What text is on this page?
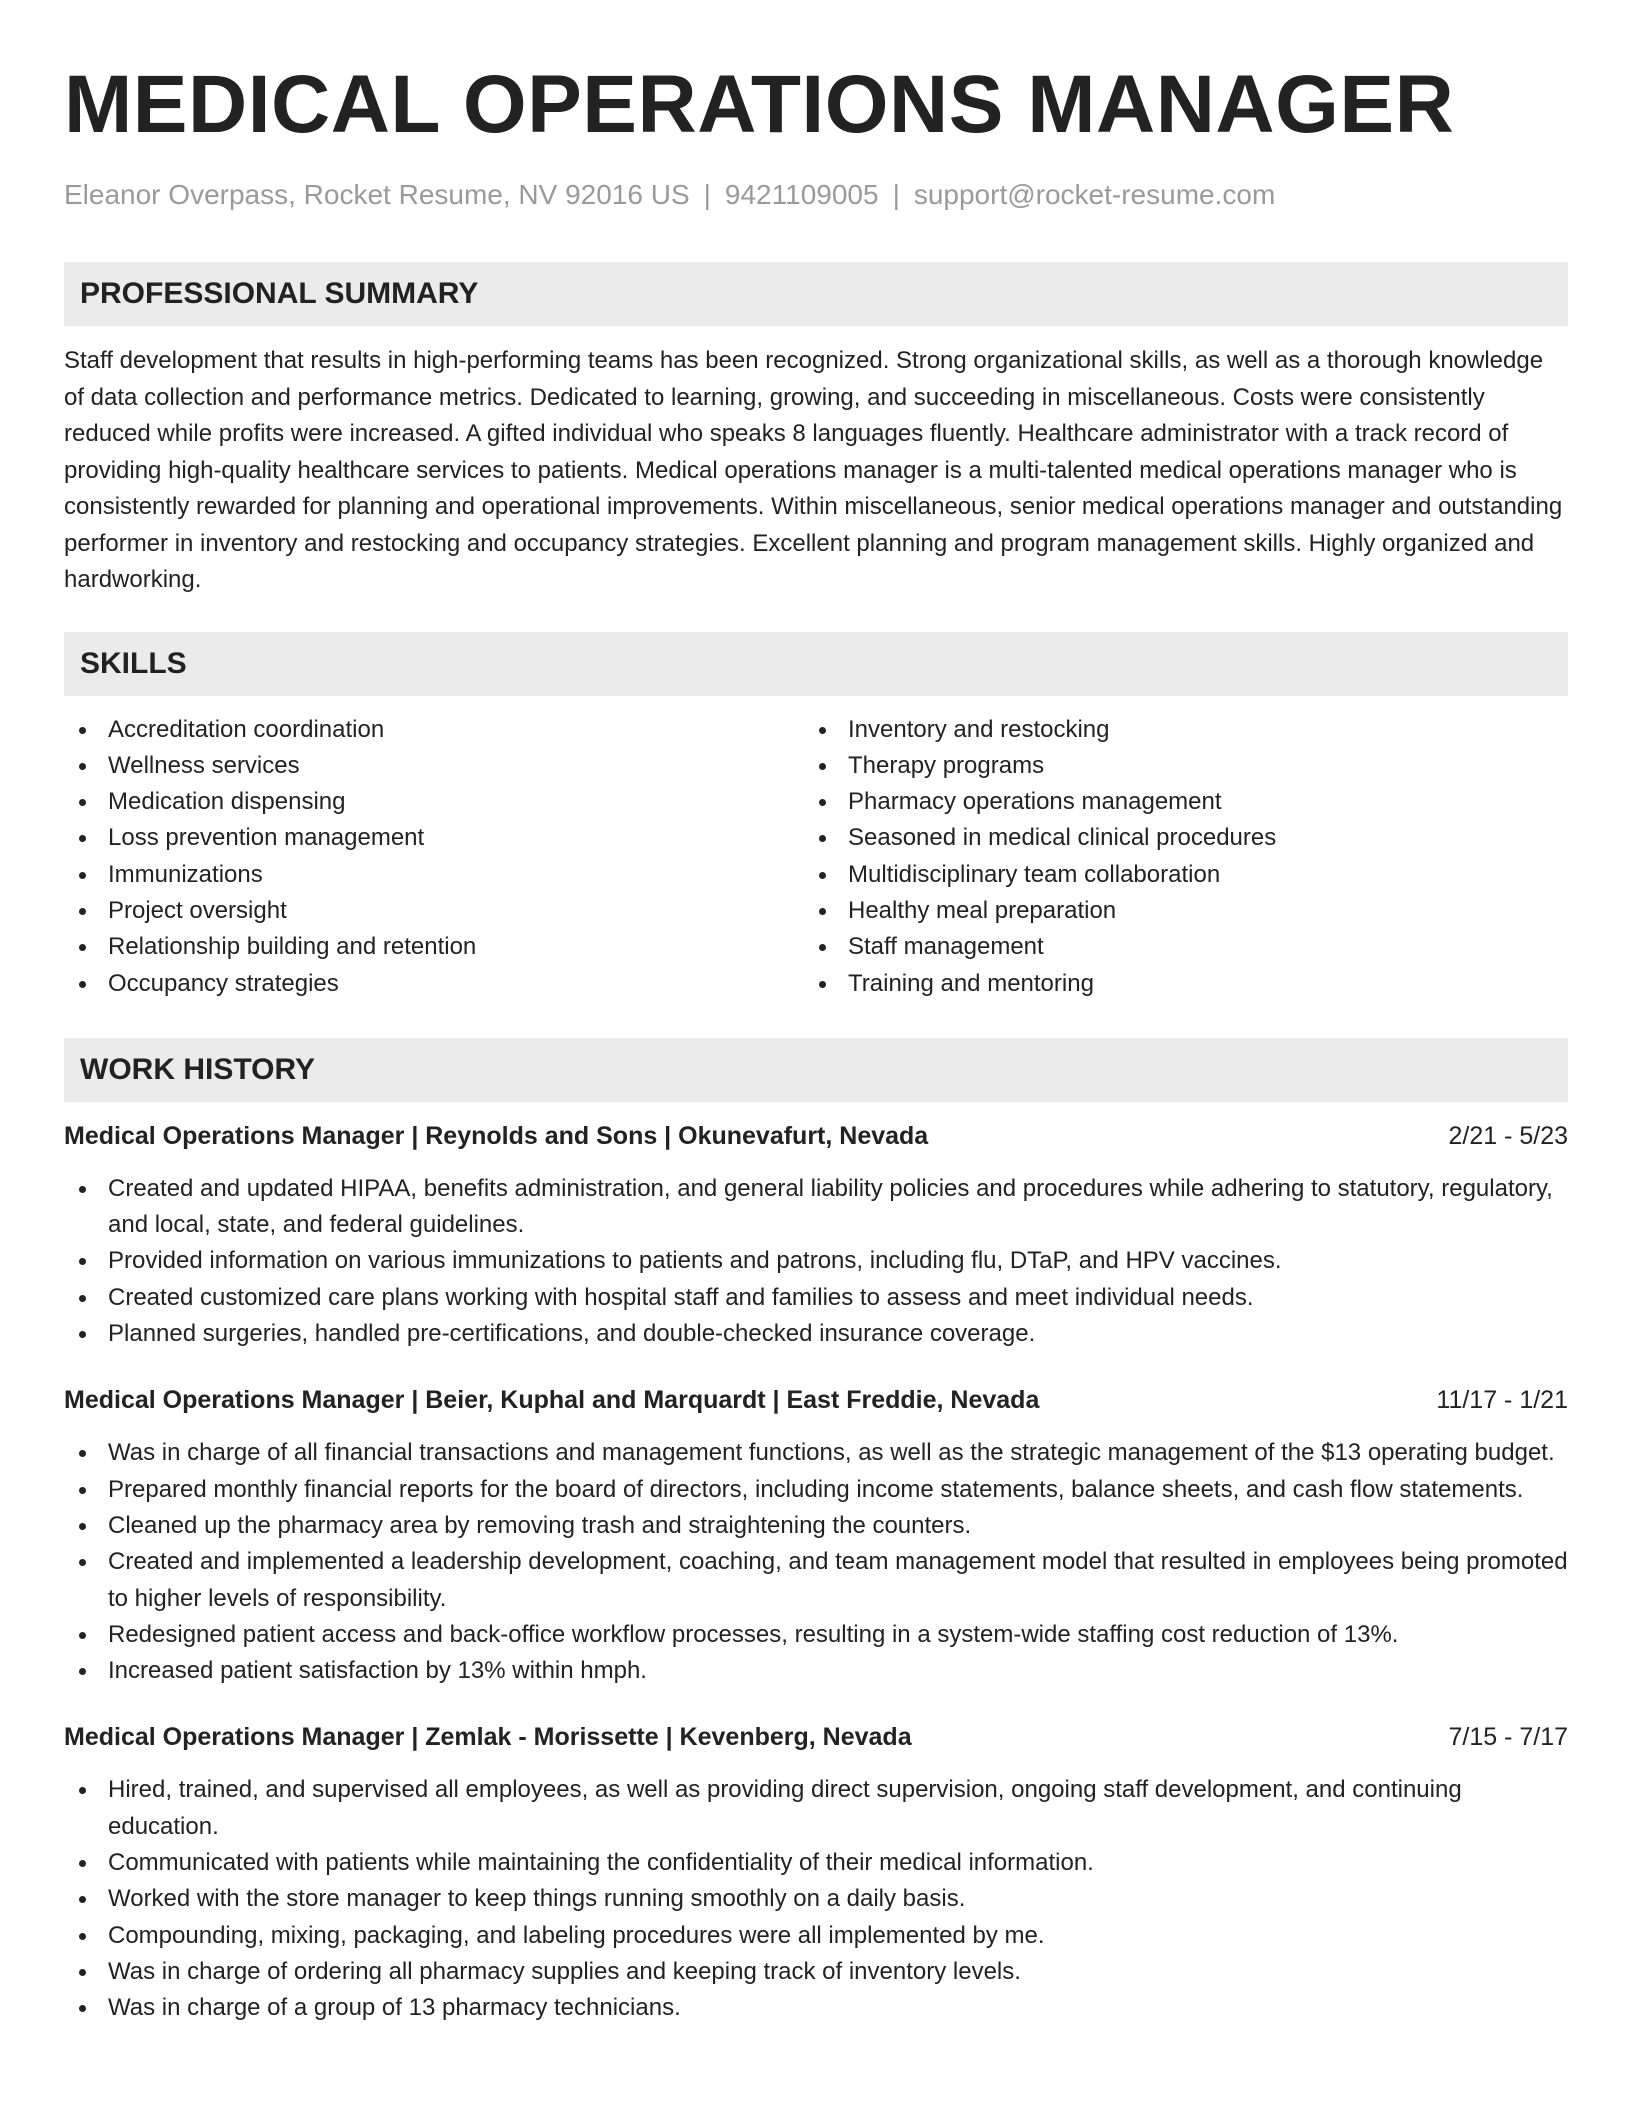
MEDICAL OPERATIONS MANAGER
Eleanor Overpass, Rocket Resume, NV 92016 US | 9421109005 | support@rocket-resume.com
PROFESSIONAL SUMMARY

Staff development that results in high-performing teams has been recognized. Strong organizational skills, as well as a thorough knowledge of data collection and performance metrics. Dedicated to learning, growing, and succeeding in miscellaneous. Costs were consistently reduced while profits were increased. A gifted individual who speaks 8 languages fluently. Healthcare administrator with a track record of providing high-quality healthcare services to patients. Medical operations manager is a multi-talented medical operations manager who is consistently rewarded for planning and operational improvements. Within miscellaneous, senior medical operations manager and outstanding performer in inventory and restocking and occupancy strategies. Excellent planning and program management skills. Highly organized and hardworking.

SKILLS
Accreditation coordination
Wellness services
Medication dispensing
Loss prevention management
Immunizations
Project oversight
Relationship building and retention
Occupancy strategies
Inventory and restocking
Therapy programs
Pharmacy operations management
Seasoned in medical clinical procedures
Multidisciplinary team collaboration
Healthy meal preparation
Staff management
Training and mentoring
WORK HISTORY
Medical Operations Manager | Reynolds and Sons | Okunevafurt, Nevada	2/21 - 5/23
Created and updated HIPAA, benefits administration, and general liability policies and procedures while adhering to statutory, regulatory, and local, state, and federal guidelines.
Provided information on various immunizations to patients and patrons, including flu, DTaP, and HPV vaccines.
Created customized care plans working with hospital staff and families to assess and meet individual needs.
Planned surgeries, handled pre-certifications, and double-checked insurance coverage.
Medical Operations Manager | Beier, Kuphal and Marquardt | East Freddie, Nevada	11/17 - 1/21
Was in charge of all financial transactions and management functions, as well as the strategic management of the $13 operating budget.
Prepared monthly financial reports for the board of directors, including income statements, balance sheets, and cash flow statements.
Cleaned up the pharmacy area by removing trash and straightening the counters.
Created and implemented a leadership development, coaching, and team management model that resulted in employees being promoted to higher levels of responsibility.
Redesigned patient access and back-office workflow processes, resulting in a system-wide staffing cost reduction of 13%.
Increased patient satisfaction by 13% within hmph.
Medical Operations Manager | Zemlak - Morissette | Kevenberg, Nevada	7/15 - 7/17
Hired, trained, and supervised all employees, as well as providing direct supervision, ongoing staff development, and continuing education.
Communicated with patients while maintaining the confidentiality of their medical information.
Worked with the store manager to keep things running smoothly on a daily basis.
Compounding, mixing, packaging, and labeling procedures were all implemented by me.
Was in charge of ordering all pharmacy supplies and keeping track of inventory levels.
Was in charge of a group of 13 pharmacy technicians.
